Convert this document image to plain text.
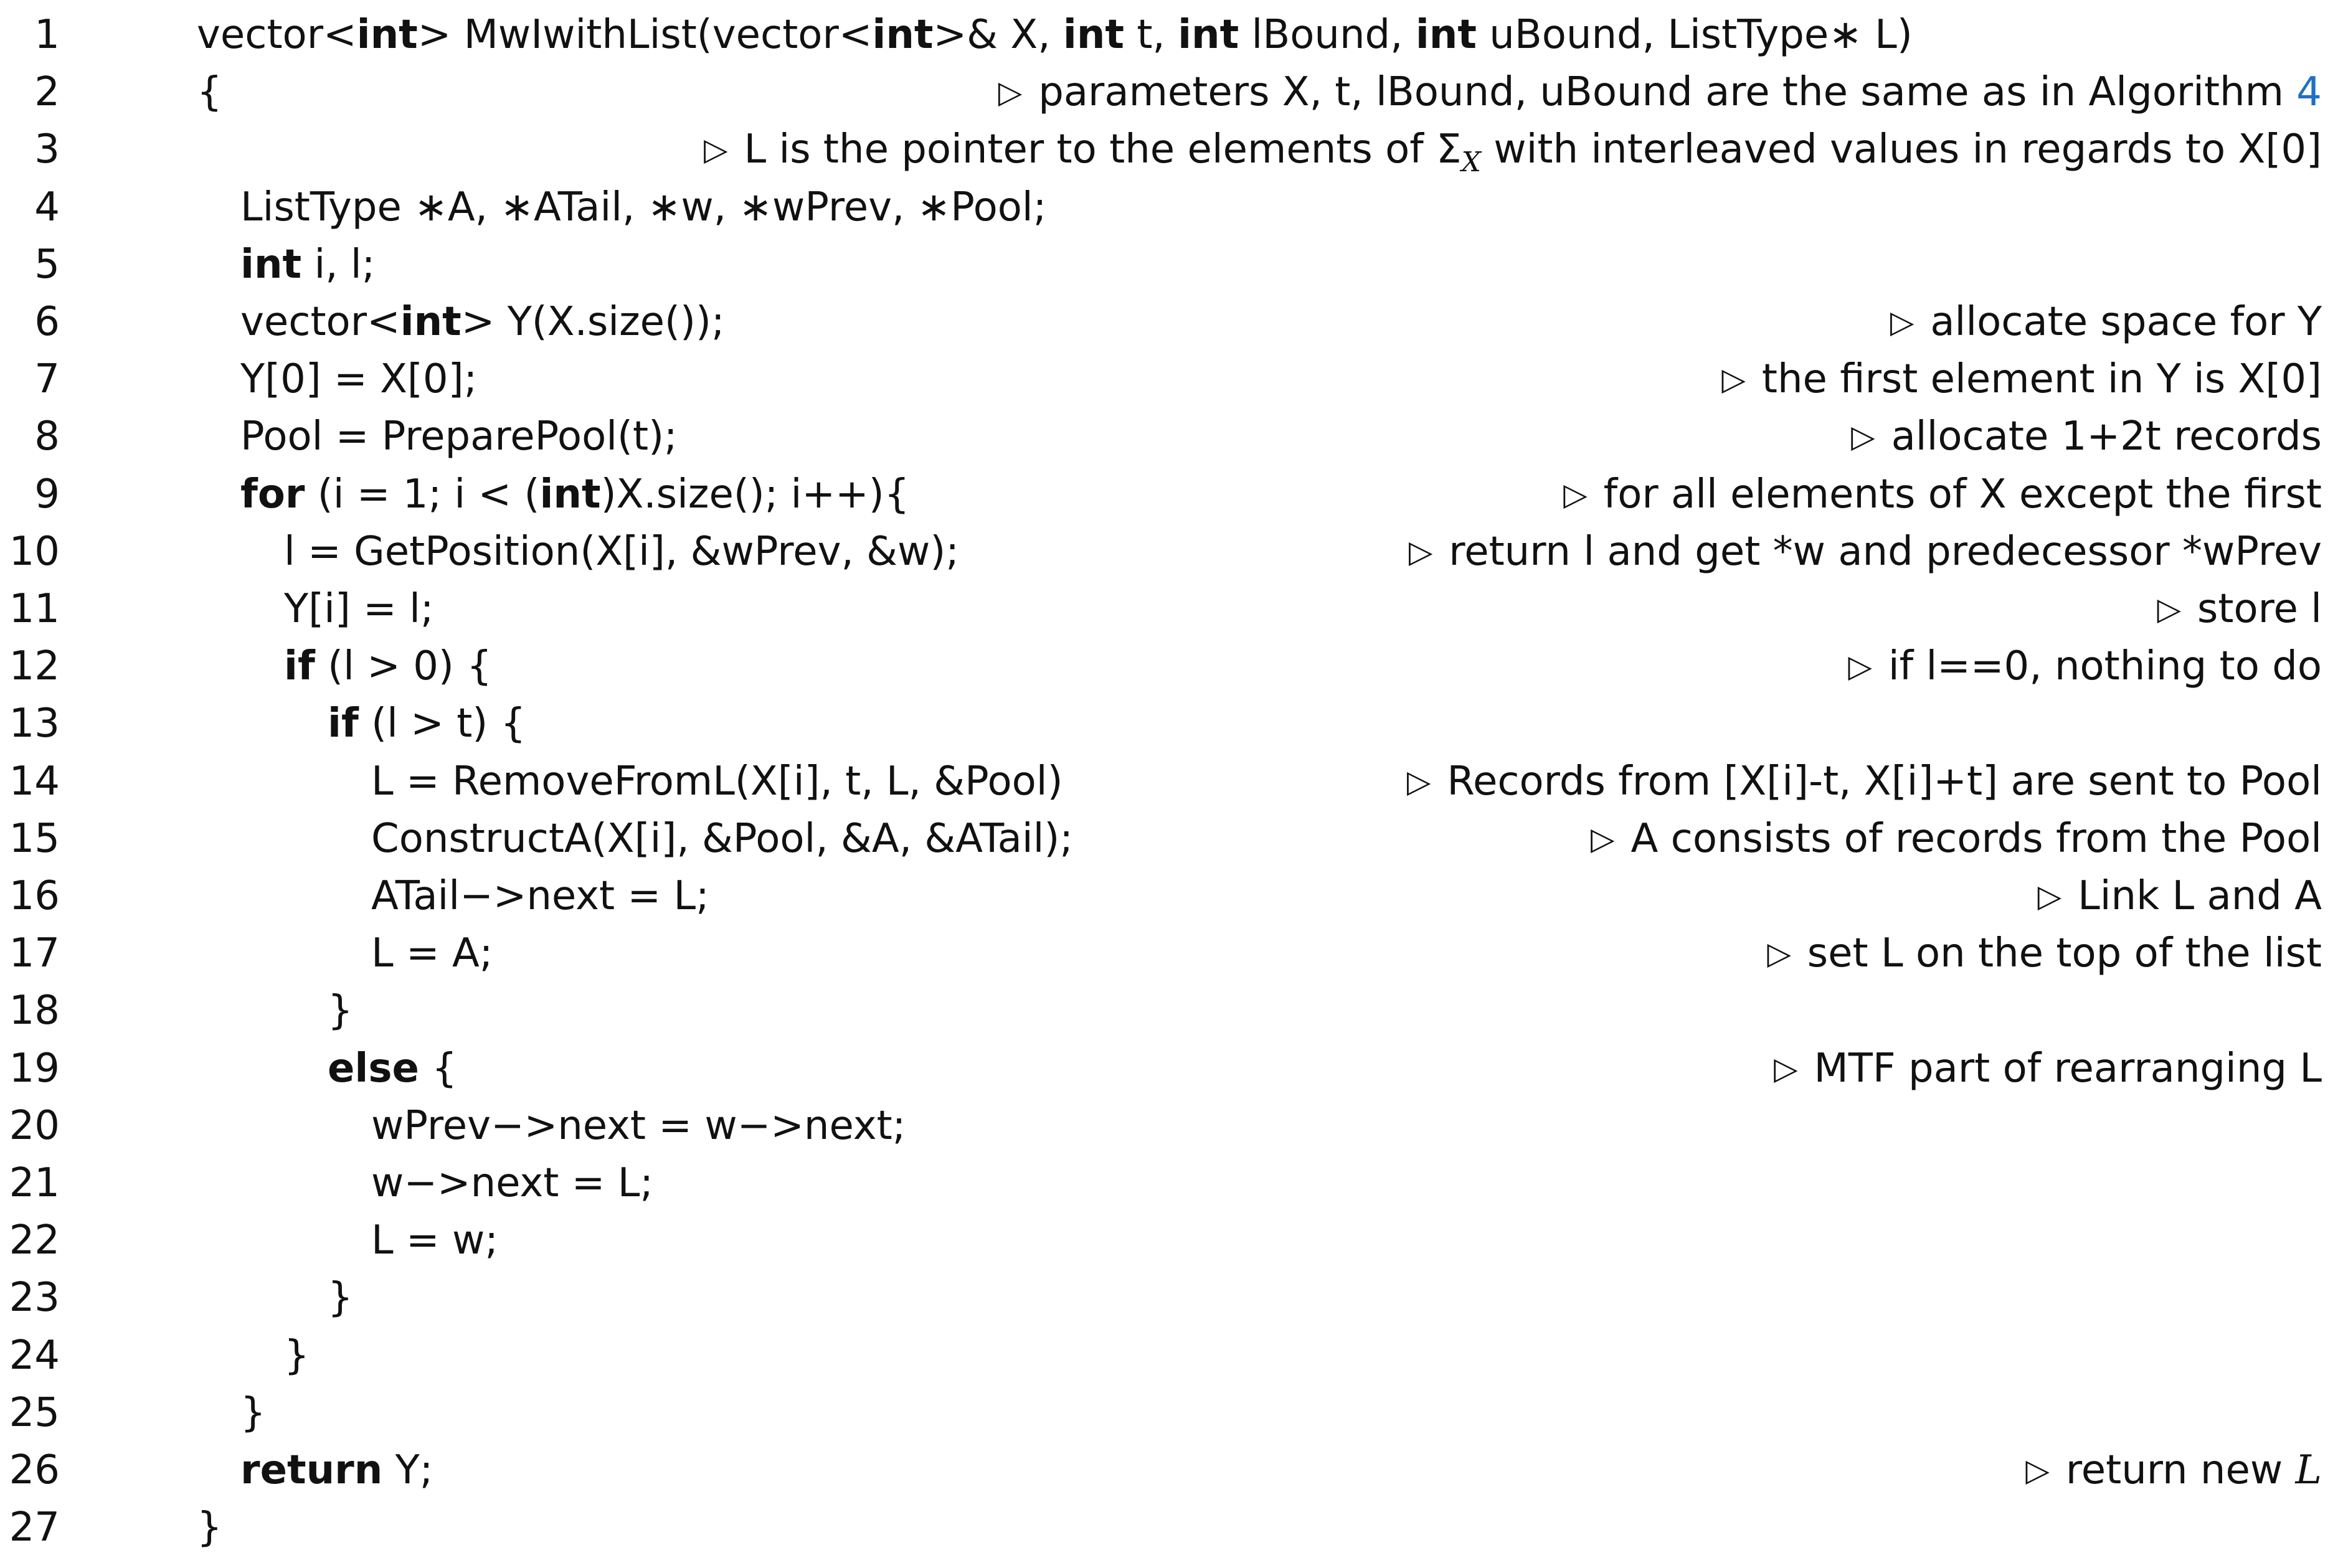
1	vector<int> MwIwithList(vector<int>& X, int t, int lBound, int uBound, ListType∗ L)
2	{	▷ parameters X, t, lBound, uBound are the same as in Algorithm 4
3	▷ L is the pointer to the elements of $\Sigma_X$ with interleaved values in regards to X[0]
4	ListType ∗A, ∗ATail, ∗w, ∗wPrev, ∗Pool;
5	int i, l;
6	vector<int> Y(X.size());	▷ allocate space for Y
7	Y[0] = X[0];	▷ the first element in Y is X[0]
8	Pool = PreparePool(t);	▷ allocate 1+2t records
9	for (i = 1; i < (int)X.size(); i++){	▷ for all elements of X except the first
10	l = GetPosition(X[i], &wPrev, &w);	▷ return l and get *w and predecessor *wPrev
11	Y[i] = l;	▷ store l
12	if (l > 0) {	▷ if l==0, nothing to do
13	if (l > t) {
14	L = RemoveFromL(X[i], t, L, &Pool)	▷ Records from [X[i]-t, X[i]+t] are sent to Pool
15	ConstructA(X[i], &Pool, &A, &ATail);	▷ A consists of records from the Pool
16	ATail−>next = L;	▷ Link L and A
17	L = A;	▷ set L on the top of the list
18	}
19	else {	▷ MTF part of rearranging L
20	wPrev−>next = w−>next;
21	w−>next = L;
22	L = w;
23	}
24	}
25	}
26	return Y;	▷ return new L
27	}
